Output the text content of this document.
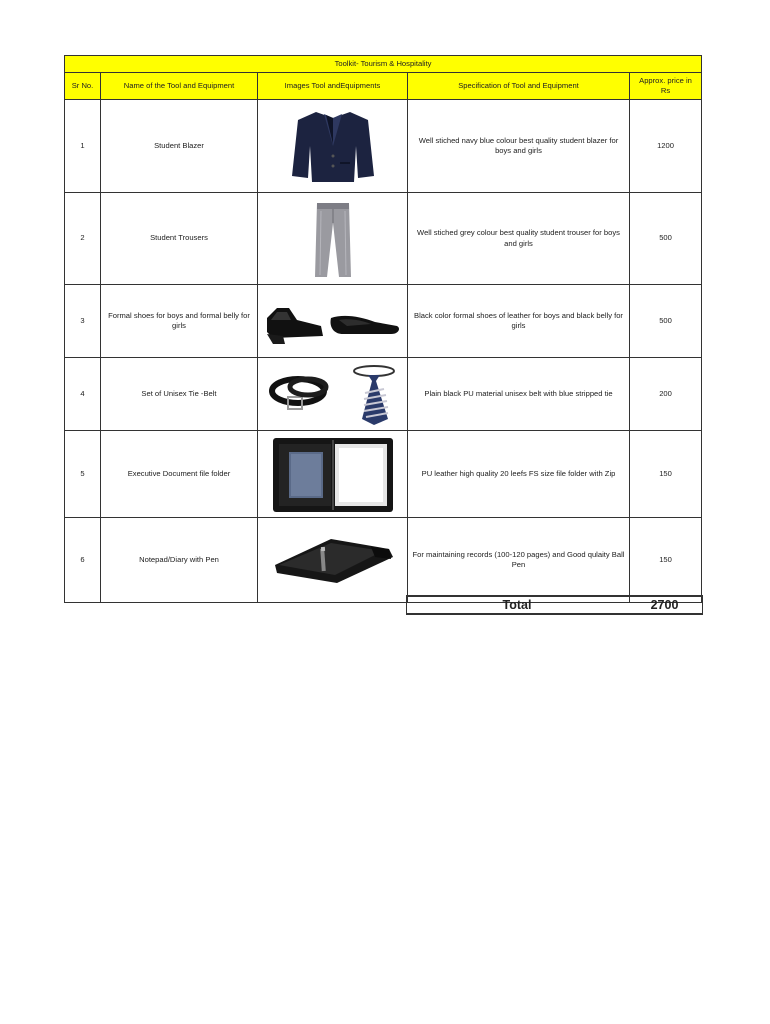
Toolkit- Tourism & Hospitality				
Sr No.	Name of the Tool and Equipment	Images Tool andEquipments	Specification of Tool and Equipment	Approx. price in Rs
1	Student Blazer		Well stiched navy blue colour best quality student blazer for boys and girls	1200
2	Student Trousers		Well stiched grey colour best quality student trouser for boys and girls	500
3	Formal shoes for boys and formal belly for girls		Black color formal shoes of leather for boys and black belly for girls	500
4	Set of Unisex Tie -Belt		Plain black PU material unisex belt with blue stripped tie	200
5	Executive Document file folder		PU leather high quality 20 leefs FS size file folder with Zip	150
6	Notepad/Diary with Pen		For maintaining records (100-120 pages) and Good qulaity Ball Pen	150
Total	2700
